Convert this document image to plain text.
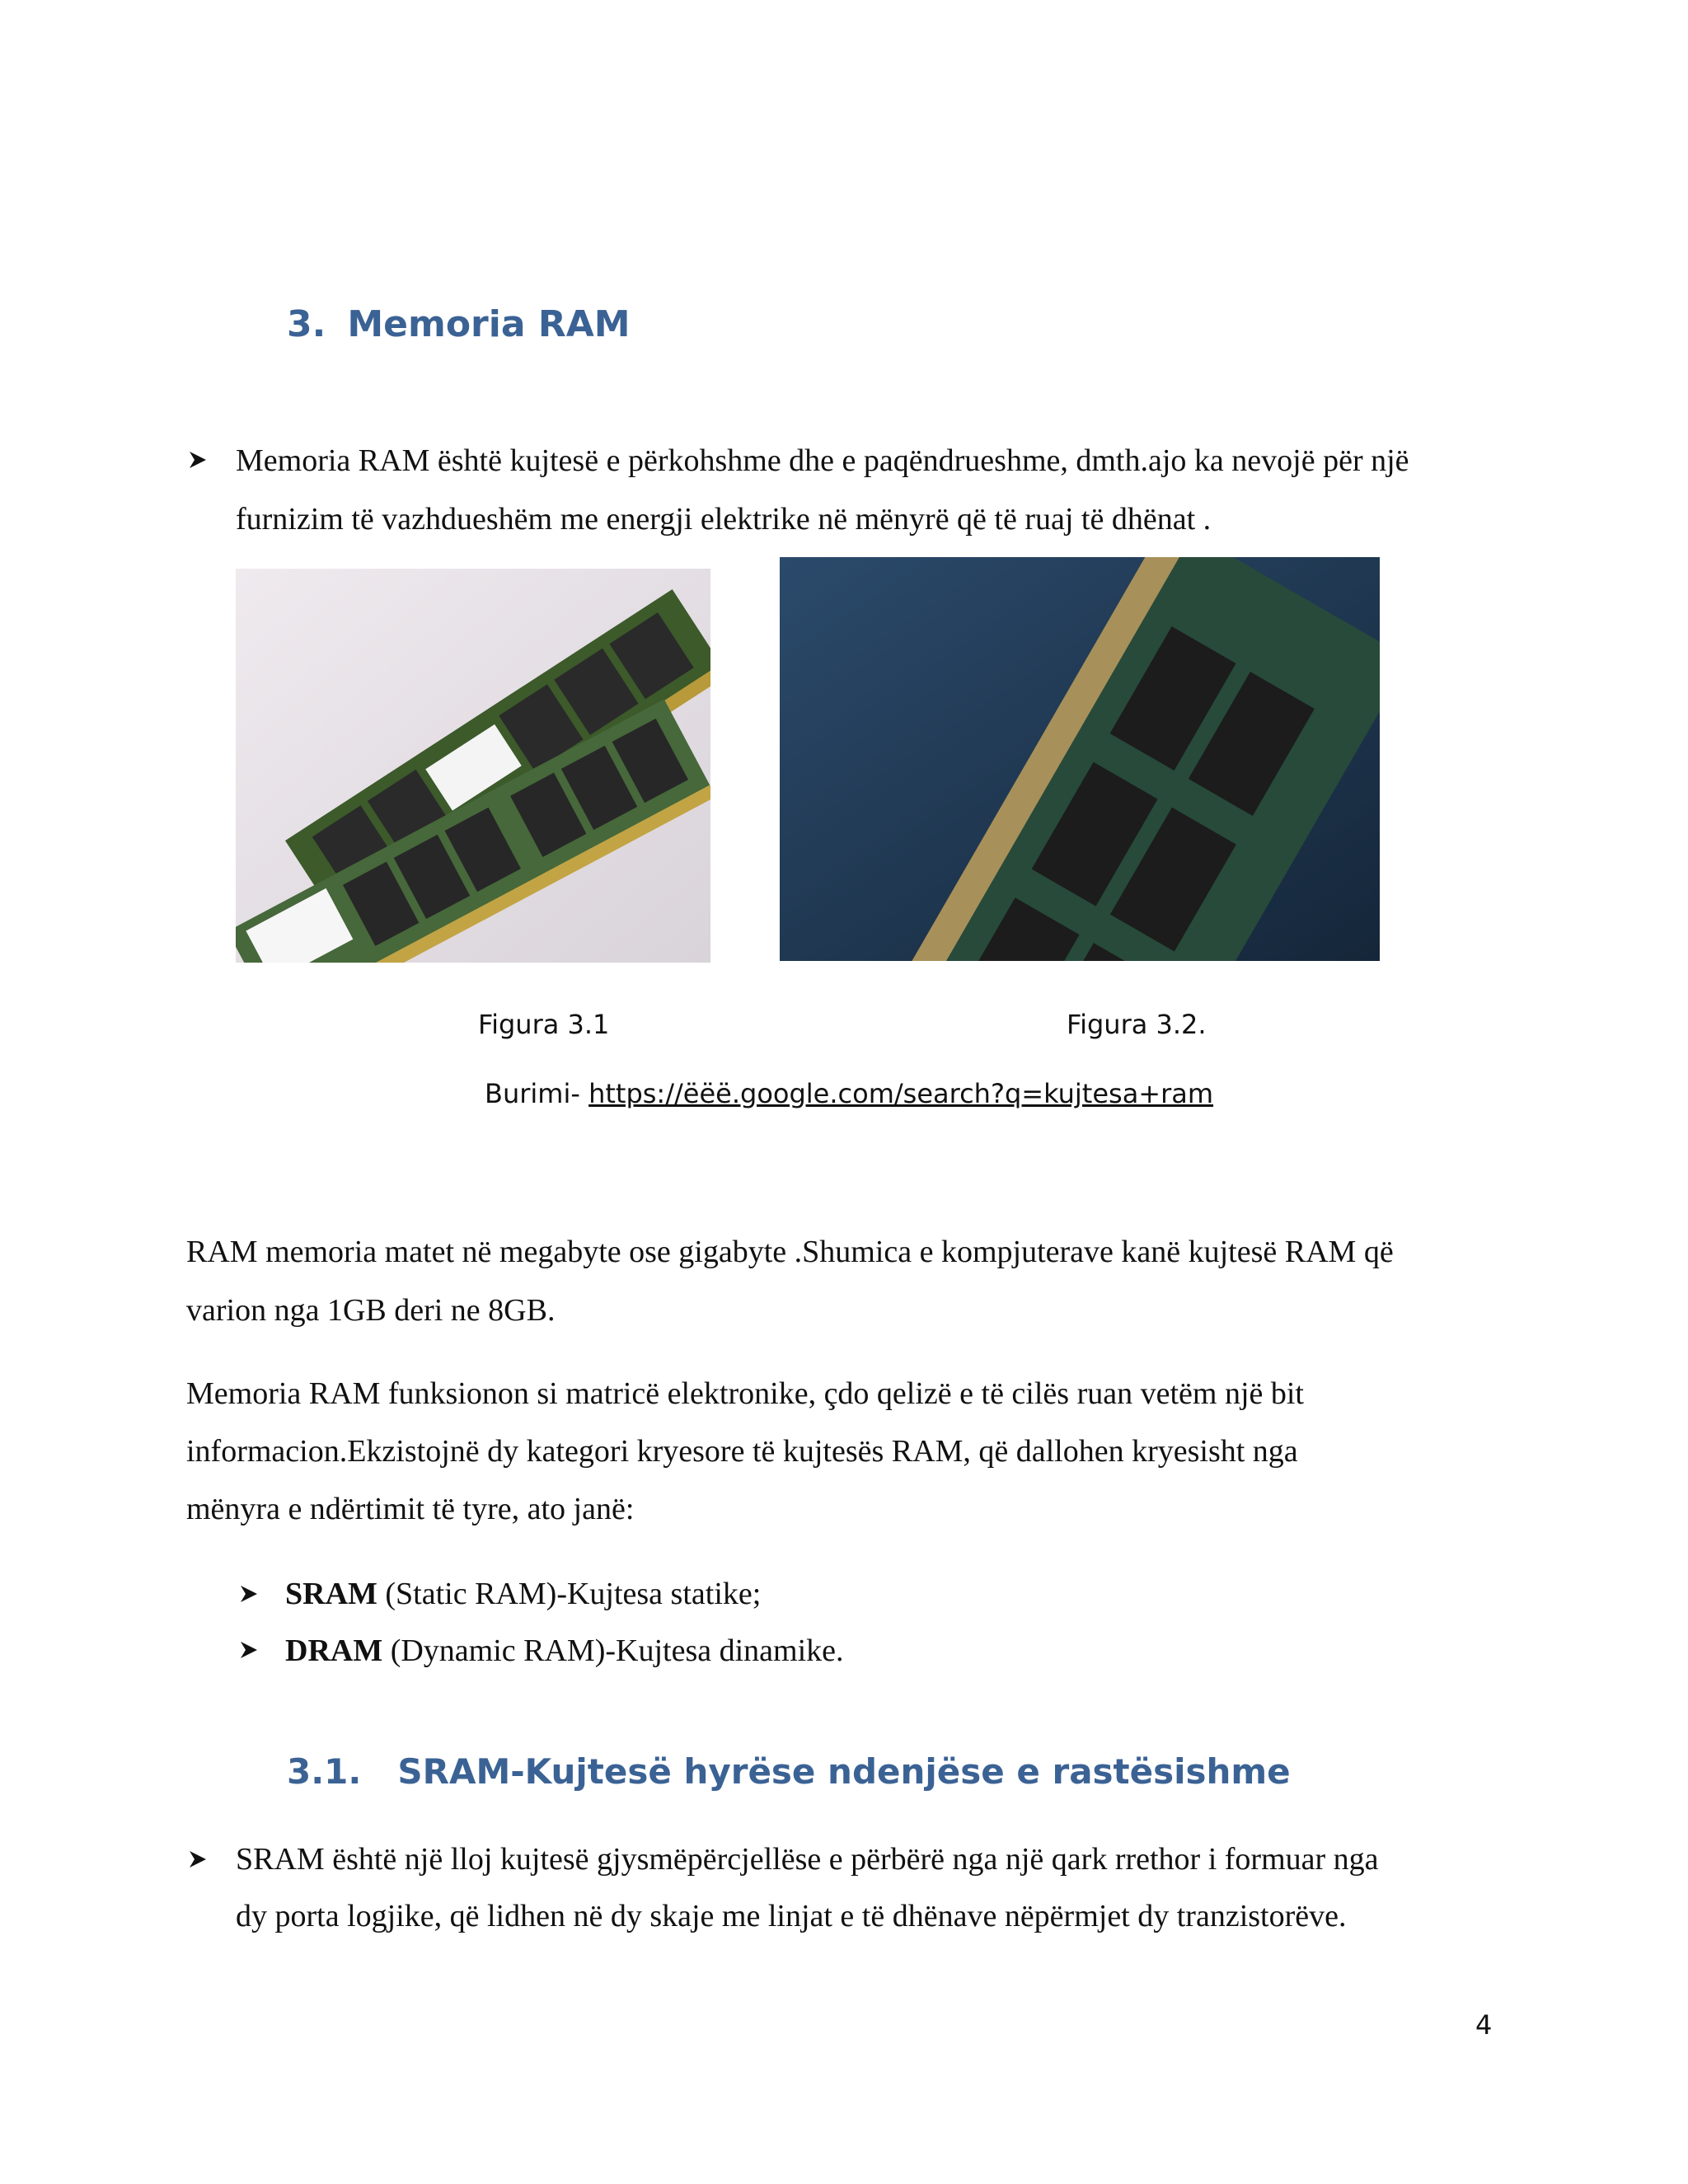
3. Memoria RAM
Memoria RAM është kujtesë e përkohshme dhe e paqëndrueshme, dmth.ajo ka nevojë për një
furnizim të vazhdueshëm me energji elektrike në mënyrë që të ruaj të dhënat .
Figura 3.1	Figura 3.2.
Burimi- https://ëëë.google.com/search?q=kujtesa+ram
RAM memoria matet në megabyte ose gigabyte .Shumica e kompjuterave kanë kujtesë RAM që
varion nga 1GB deri ne 8GB.
Memoria RAM funksionon si matricë elektronike, çdo qelizë e të cilës ruan vetëm një bit
informacion.Ekzistojnë dy kategori kryesore të kujtesës RAM, që dallohen kryesisht nga
mënyra e ndërtimit të tyre, ato janë:
SRAM (Static RAM)-Kujtesa statike;
DRAM (Dynamic RAM)-Kujtesa dinamike.
3.1. SRAM-Kujtesë hyrëse ndenjëse e rastësishme
SRAM është një lloj kujtesë gjysmëpërcjellëse e përbërë nga një qark rrethor i formuar nga
dy porta logjike, që lidhen në dy skaje me linjat e të dhënave nëpërmjet dy tranzistorëve.
4
